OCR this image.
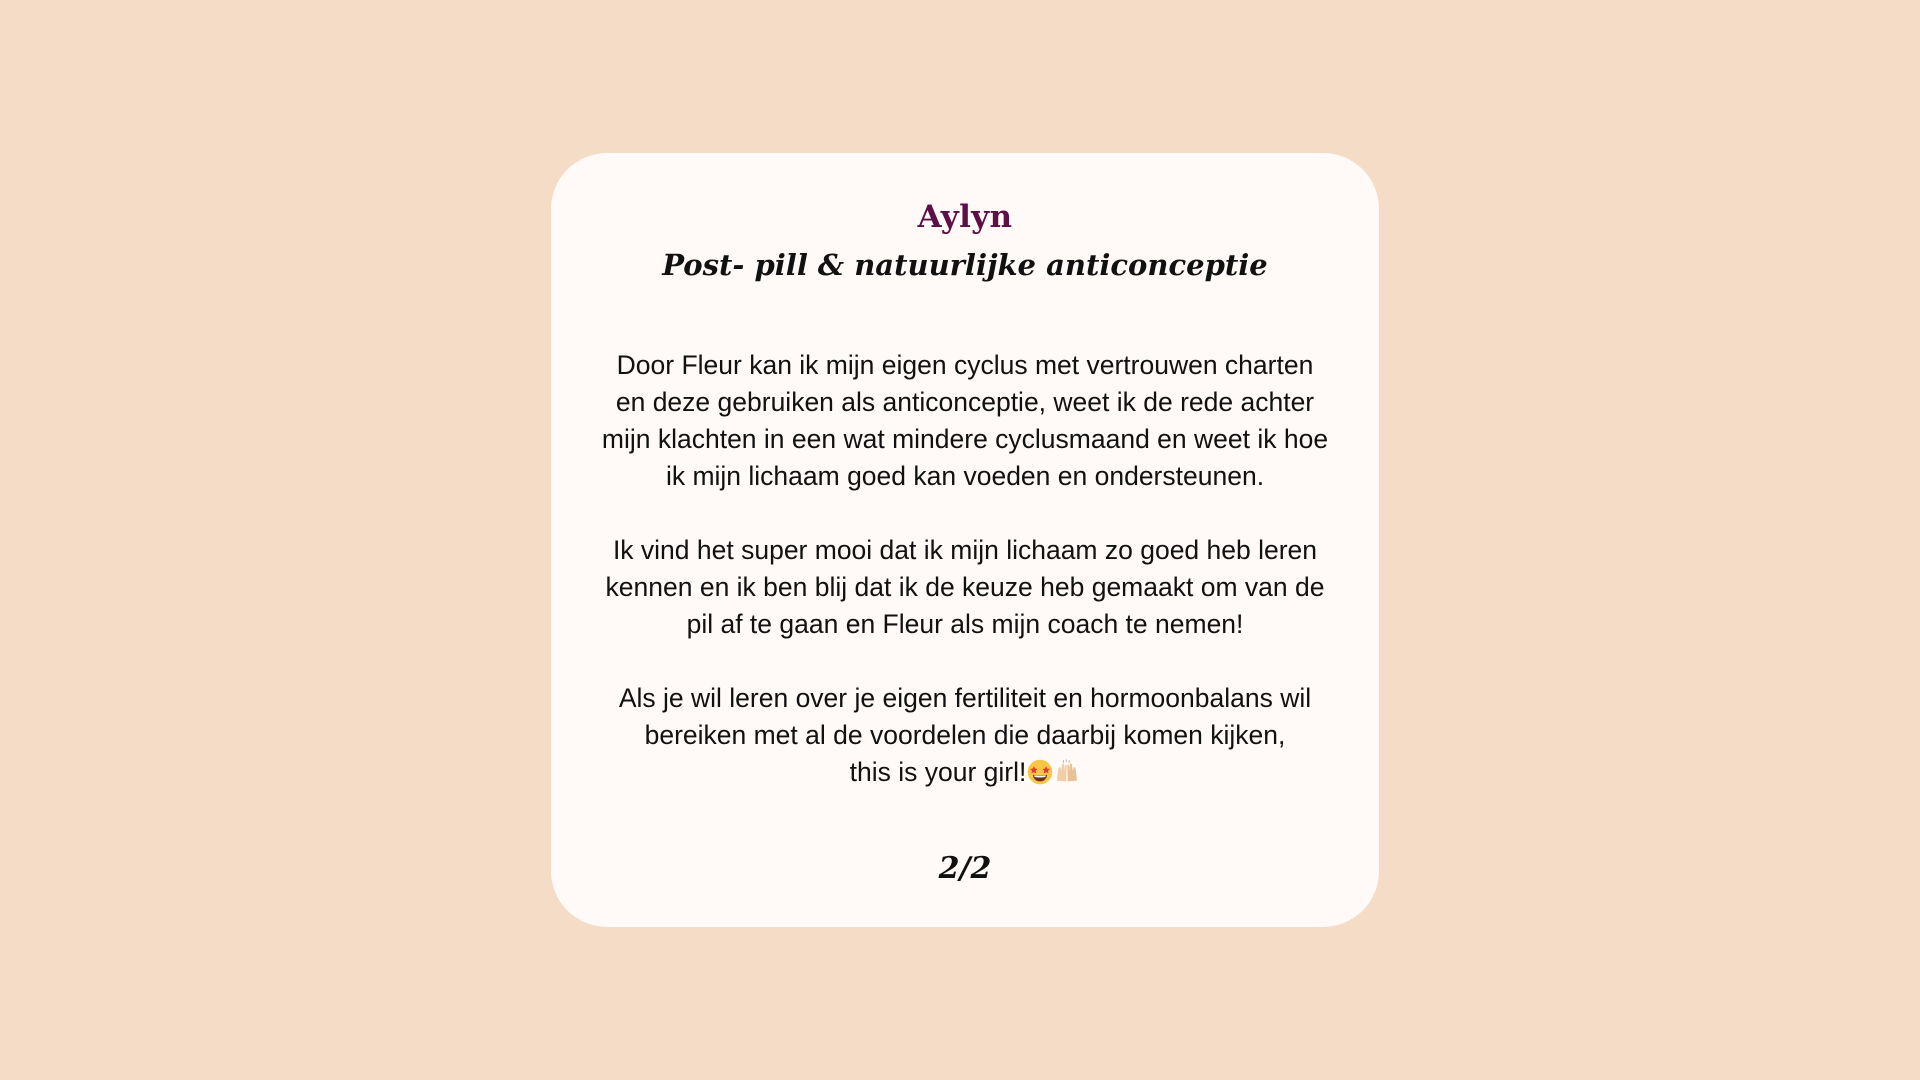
Aylyn
Post- pill & natuurlijke anticonceptie

Door Fleur kan ik mijn eigen cyclus met vertrouwen charten
en deze gebruiken als anticonceptie, weet ik de rede achter
mijn klachten in een wat mindere cyclusmaand en weet ik hoe
ik mijn lichaam goed kan voeden en ondersteunen.

Ik vind het super mooi dat ik mijn lichaam zo goed heb leren
kennen en ik ben blij dat ik de keuze heb gemaakt om van de
pil af te gaan en Fleur als mijn coach te nemen!

Als je wil leren over je eigen fertiliteit en hormoonbalans wil
bereiken met al de voordelen die daarbij komen kijken,
this is your girl!

2/2
